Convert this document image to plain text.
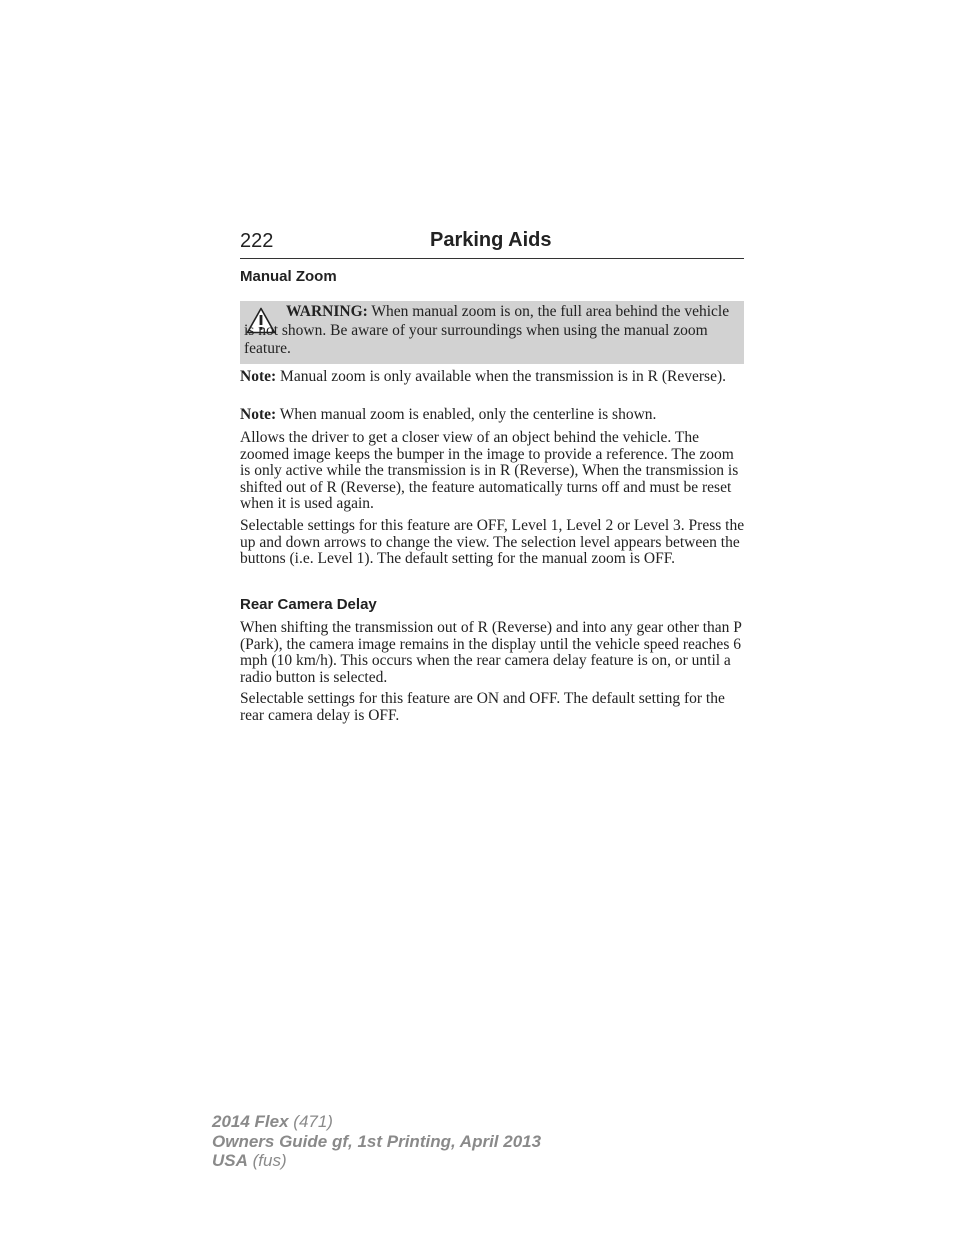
222	Parking Aids
Manual Zoom
WARNING: When manual zoom is on, the full area behind the vehicle is not shown. Be aware of your surroundings when using the manual zoom feature.

Note: Manual zoom is only available when the transmission is in R (Reverse).

Note: When manual zoom is enabled, only the centerline is shown.

Allows the driver to get a closer view of an object behind the vehicle. The zoomed image keeps the bumper in the image to provide a reference. The zoom is only active while the transmission is in R (Reverse), When the transmission is shifted out of R (Reverse), the feature automatically turns off and must be reset when it is used again.

Selectable settings for this feature are OFF, Level 1, Level 2 or Level 3. Press the up and down arrows to change the view. The selection level appears between the buttons (i.e. Level 1). The default setting for the manual zoom is OFF.

Rear Camera Delay

When shifting the transmission out of R (Reverse) and into any gear other than P (Park), the camera image remains in the display until the vehicle speed reaches 6 mph (10 km/h). This occurs when the rear camera delay feature is on, or until a radio button is selected.

Selectable settings for this feature are ON and OFF. The default setting for the rear camera delay is OFF.

2014 Flex (471)
Owners Guide gf, 1st Printing, April 2013
USA (fus)
